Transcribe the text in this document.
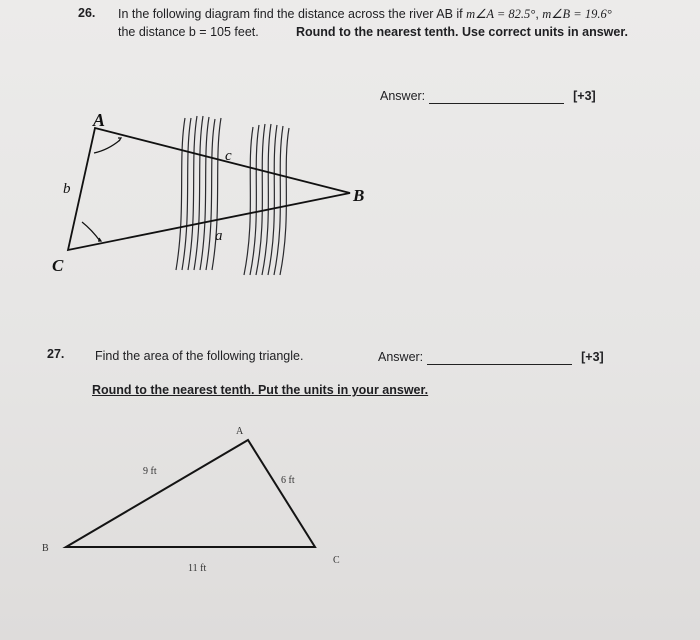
26. In the following diagram find the distance across the river AB if m∠A = 82.5°, m∠B = 19.6°
the distance b = 105 feet.	Round to the nearest tenth. Use correct units in answer.
Answer:	[+3]
A
B
C
b
c
a
27. Find the area of the following triangle.	Answer:	[+3]
Round to the nearest tenth. Put the units in your answer.
A
B
C
9 ft
6 ft
11 ft
